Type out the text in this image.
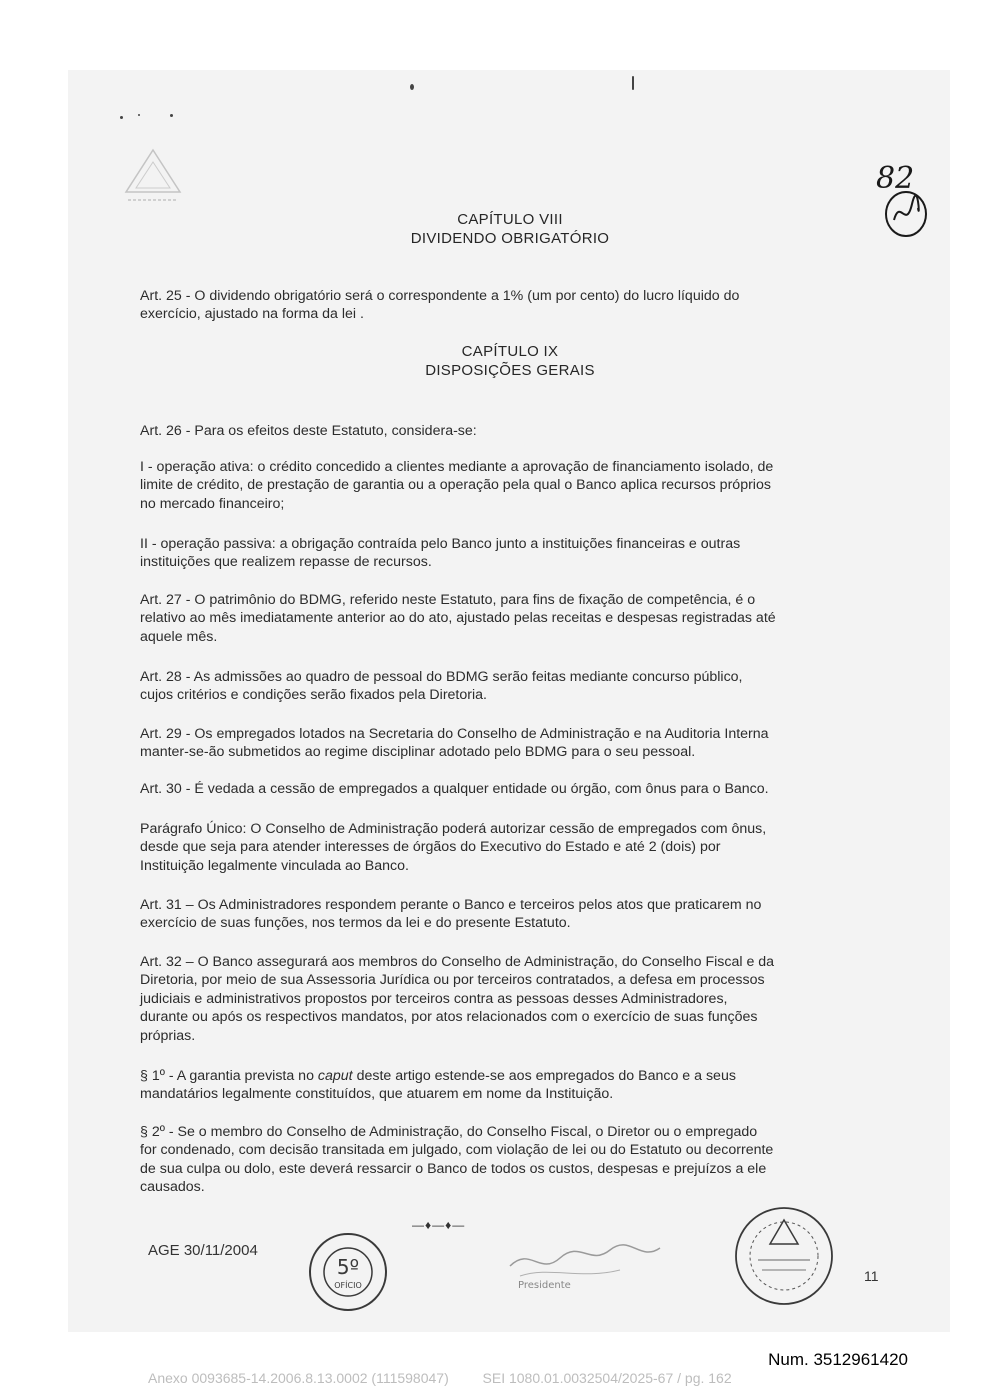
82
CAPÍTULO VIII
DIVIDENDO OBRIGATÓRIO
Art. 25 - O dividendo obrigatório será o correspondente a 1% (um por cento) do lucro líquido do
exercício, ajustado na forma da lei .
CAPÍTULO IX
DISPOSIÇÕES GERAIS
Art. 26 - Para os efeitos deste Estatuto, considera-se:
I - operação ativa: o crédito concedido a clientes mediante a aprovação de financiamento isolado, de
limite de crédito, de prestação de garantia ou a operação pela qual o Banco aplica recursos próprios
no mercado financeiro;
II - operação passiva: a obrigação contraída pelo Banco junto a instituições financeiras e outras
instituições que realizem repasse de recursos.
Art. 27 - O patrimônio do BDMG, referido neste Estatuto, para fins de fixação de competência, é o
relativo ao mês imediatamente anterior ao do ato, ajustado pelas receitas e despesas registradas até
aquele mês.
Art. 28 - As admissões ao quadro de pessoal do BDMG serão feitas mediante concurso público,
cujos critérios e condições serão fixados pela Diretoria.
Art. 29 - Os empregados lotados na Secretaria do Conselho de Administração e na Auditoria Interna
manter-se-ão submetidos ao regime disciplinar adotado pelo BDMG para o seu pessoal.
Art. 30 - É vedada a cessão de empregados a qualquer entidade ou órgão, com ônus para o Banco.
Parágrafo Único: O Conselho de Administração poderá autorizar cessão de empregados com ônus,
desde que seja para atender interesses de órgãos do Executivo do Estado e até 2 (dois) por
Instituição legalmente vinculada ao Banco.
Art. 31 – Os Administradores respondem perante o Banco e terceiros pelos atos que praticarem no
exercício de suas funções, nos termos da lei e do presente Estatuto.
Art. 32 – O Banco assegurará aos membros do Conselho de Administração, do Conselho Fiscal e da
Diretoria, por meio de sua Assessoria Jurídica ou por terceiros contratados, a defesa em processos
judiciais e administrativos propostos por terceiros contra as pessoas desses Administradores,
durante ou após os respectivos mandatos, por atos relacionados com o exercício de suas funções
próprias.
§ 1º - A garantia prevista no caput deste artigo estende-se aos empregados do Banco e a seus
mandatários legalmente constituídos, que atuarem em nome da Instituição.
§ 2º - Se o membro do Conselho de Administração, do Conselho Fiscal, o Diretor ou o empregado
for condenado, com decisão transitada em julgado, com violação de lei ou do Estatuto ou decorrente
de sua culpa ou dolo, este deverá ressarcir o Banco de todos os custos, despesas e prejuízos a ele
causados.
—♦—♦—
AGE 30/11/2004
5º
OFÍCIO	Presidente
11
Num. 3512961420
Anexo 0093685-14.2006.8.13.0002 (111598047) SEI 1080.01.0032504/2025-67 / pg. 162
